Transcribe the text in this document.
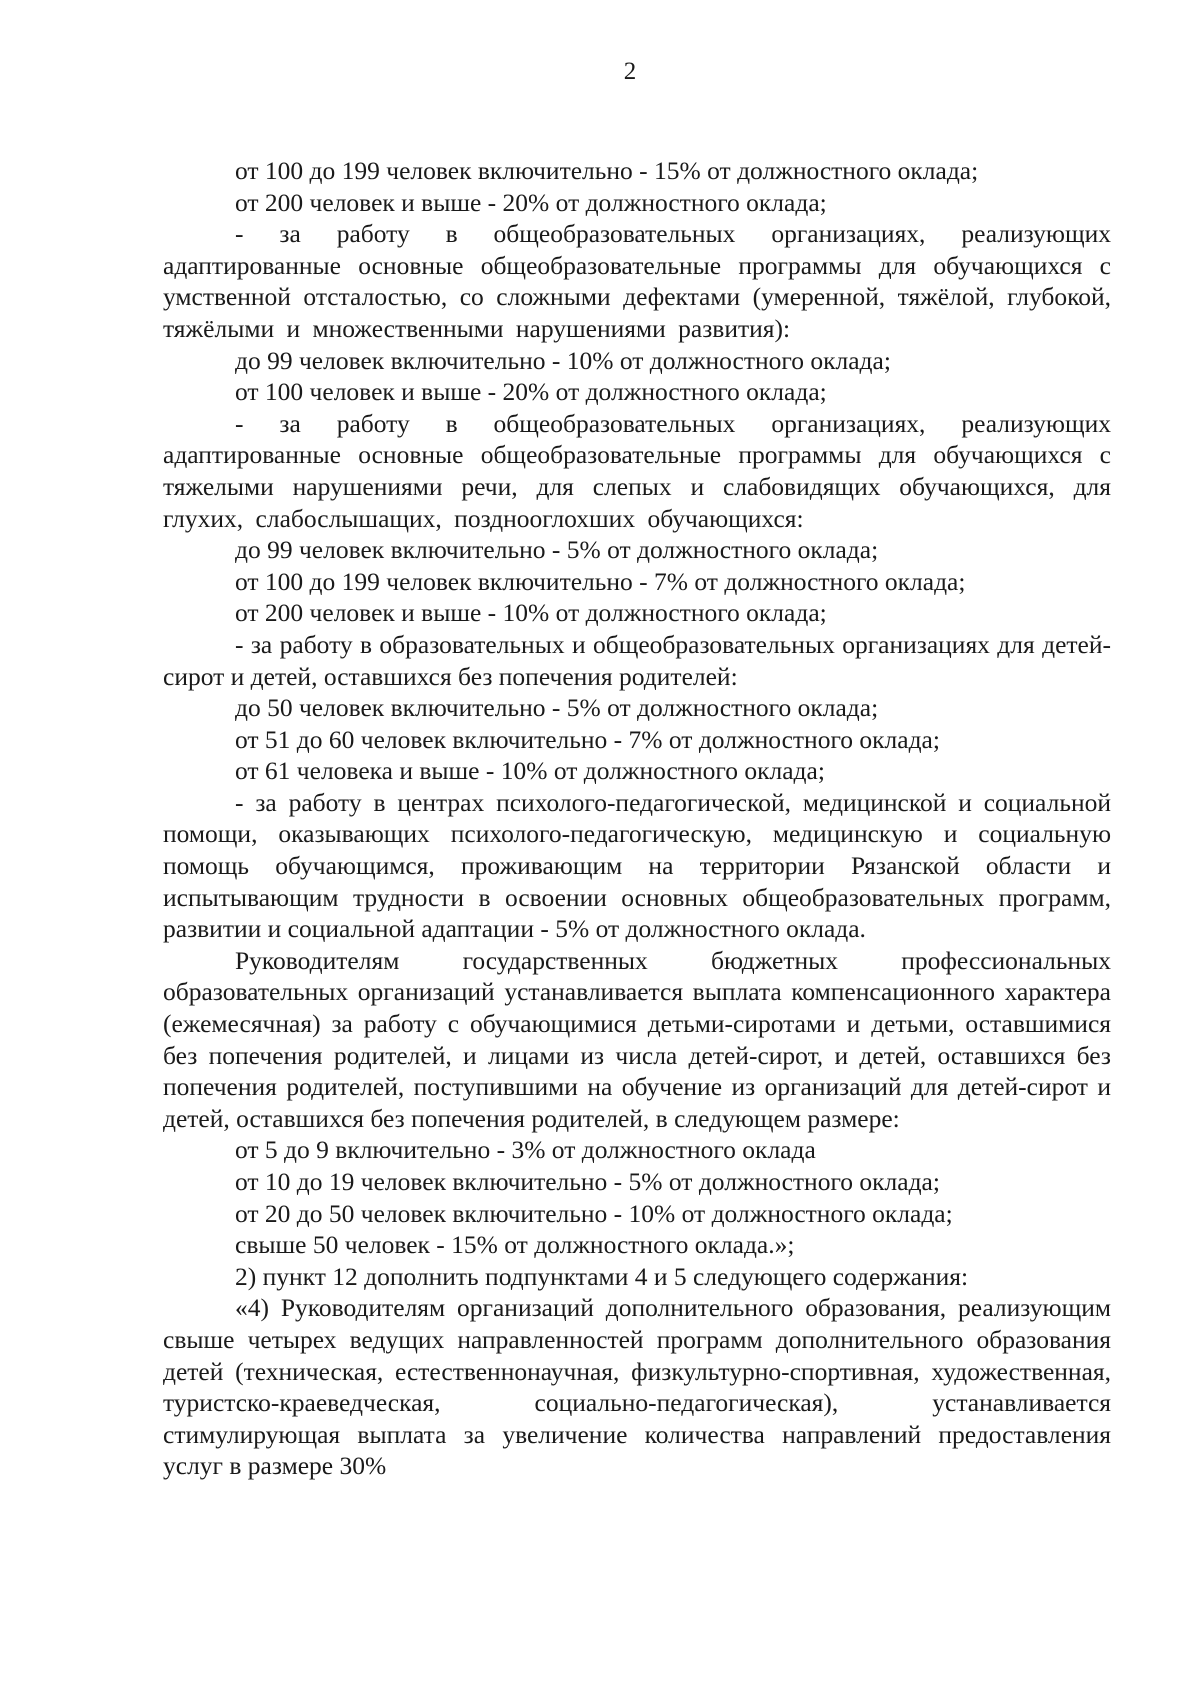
2

от 100 до 199 человек включительно - 15% от должностного оклада;

от 200 человек и выше - 20% от должностного оклада;

- за работу в общеобразовательных организациях, реализующих адаптированные основные общеобразовательные программы для обучающихся с умственной отсталостью, со сложными дефектами (умеренной, тяжёлой, глубокой, тяжёлыми и множественными нарушениями развития):

до 99 человек включительно - 10% от должностного оклада;

от 100 человек и выше - 20% от должностного оклада;

- за работу в общеобразовательных организациях, реализующих адаптированные основные общеобразовательные программы для обучающихся с тяжелыми нарушениями речи, для слепых и слабовидящих обучающихся, для глухих, слабослышащих, позднооглохших обучающихся:

до 99 человек включительно - 5% от должностного оклада;

от 100 до 199 человек включительно - 7% от должностного оклада;

от 200 человек и выше - 10% от должностного оклада;

- за работу в образовательных и общеобразовательных организациях для детей-сирот и детей, оставшихся без попечения родителей:

до 50 человек включительно - 5% от должностного оклада;

от 51 до 60 человек включительно - 7% от должностного оклада;

от 61 человека и выше - 10% от должностного оклада;

- за работу в центрах психолого-педагогической, медицинской и социальной помощи, оказывающих психолого-педагогическую, медицинскую и социальную помощь обучающимся, проживающим на территории Рязанской области и испытывающим трудности в освоении основных общеобразовательных программ, развитии и социальной адаптации - 5% от должностного оклада.

Руководителям государственных бюджетных профессиональных образовательных организаций устанавливается выплата компенсационного характера (ежемесячная) за работу с обучающимися детьми-сиротами и детьми, оставшимися без попечения родителей, и лицами из числа детей-сирот, и детей, оставшихся без попечения родителей, поступившими на обучение из организаций для детей-сирот и детей, оставшихся без попечения родителей, в следующем размере:

от 5 до 9 включительно - 3% от должностного оклада

от 10 до 19 человек включительно - 5% от должностного оклада;

от 20 до 50 человек включительно - 10% от должностного оклада;

свыше 50 человек - 15% от должностного оклада.»;

2) пункт 12 дополнить подпунктами 4 и 5 следующего содержания:

«4) Руководителям организаций дополнительного образования, реализующим свыше четырех ведущих направленностей программ дополнительного образования детей (техническая, естественнонаучная, физкультурно-спортивная, художественная, туристско-краеведческая, социально-педагогическая), устанавливается стимулирующая выплата за увеличение количества направлений предоставления услуг в размере 30%
